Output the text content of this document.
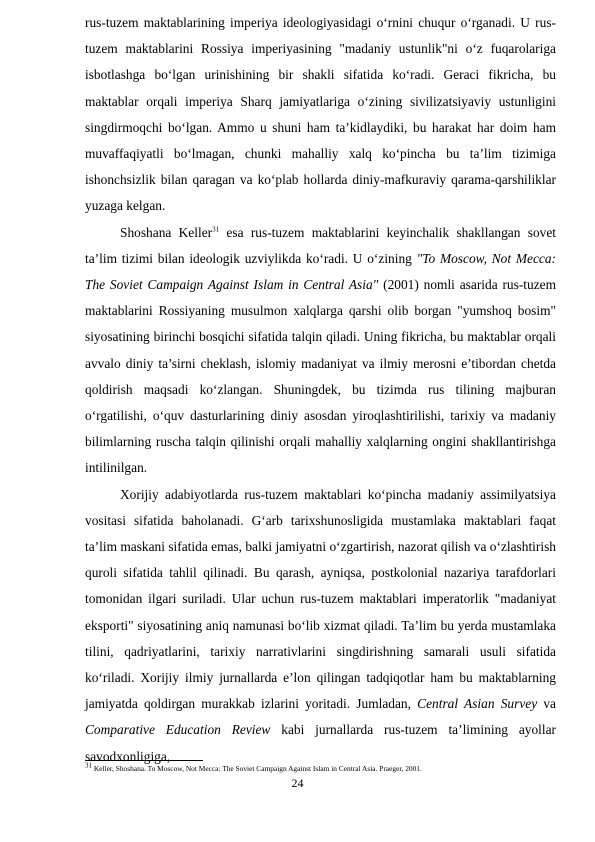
rus-tuzem maktablarining imperiya ideologiyasidagi o‘rnini chuqur o‘rganadi. U rus-tuzem maktablarini Rossiya imperiyasining "madaniy ustunlik"ni o‘z fuqarolariga isbotlashga bo‘lgan urinishining bir shakli sifatida ko‘radi. Geraci fikricha, bu maktablar orqali imperiya Sharq jamiyatlariga o‘zining sivilizatsiyaviy ustunligini singdirmoqchi bo‘lgan. Ammo u shuni ham ta’kidlaydiki, bu harakat har doim ham muvaffaqiyatli bo‘lmagan, chunki mahalliy xalq ko‘pincha bu ta’lim tizimiga ishonchsizlik bilan qaragan va ko‘plab hollarda diniy-mafkuraviy qarama-qarshiliklar yuzaga kelgan.

Shoshana Keller$^{31}$ esa rus-tuzem maktablarini keyinchalik shakllangan sovet ta’lim tizimi bilan ideologik uzviylikda ko‘radi. U o‘zining "To Moscow, Not Mecca: The Soviet Campaign Against Islam in Central Asia" (2001) nomli asarida rus-tuzem maktablarini Rossiyaning musulmon xalqlarga qarshi olib borgan "yumshoq bosim" siyosatining birinchi bosqichi sifatida talqin qiladi. Uning fikricha, bu maktablar orqali avvalo diniy ta’sirni cheklash, islomiy madaniyat va ilmiy merosni e’tibordan chetda qoldirish maqsadi ko‘zlangan. Shuningdek, bu tizimda rus tilining majburan o‘rgatilishi, o‘quv dasturlarining diniy asosdan yiroqlashtirilishi, tarixiy va madaniy bilimlarning ruscha talqin qilinishi orqali mahalliy xalqlarning ongini shakllantirishga intilinilgan.

Xorijiy adabiyotlarda rus-tuzem maktablari ko‘pincha madaniy assimilyatsiya vositasi sifatida baholanadi. G‘arb tarixshunosligida mustamlaka maktablari faqat ta’lim maskani sifatida emas, balki jamiyatni o‘zgartirish, nazorat qilish va o‘zlashtirish quroli sifatida tahlil qilinadi. Bu qarash, ayniqsa, postkolonial nazariya tarafdorlari tomonidan ilgari suriladi. Ular uchun rus-tuzem maktablari imperatorlik "madaniyat eksporti" siyosatining aniq namunasi bo‘lib xizmat qiladi. Ta’lim bu yerda mustamlaka tilini, qadriyatlarini, tarixiy narrativlarini singdirishning samarali usuli sifatida ko‘riladi. Xorijiy ilmiy jurnallarda e’lon qilingan tadqiqotlar ham bu maktablarning jamiyatda qoldirgan murakkab izlarini yoritadi. Jumladan, Central Asian Survey va Comparative Education Review kabi jurnallarda rus-tuzem ta’limining ayollar savodxonligiga,

31 Keller, Shoshana. To Moscow, Not Mecca: The Soviet Campaign Against Islam in Central Asia. Praeger, 2001.
24
